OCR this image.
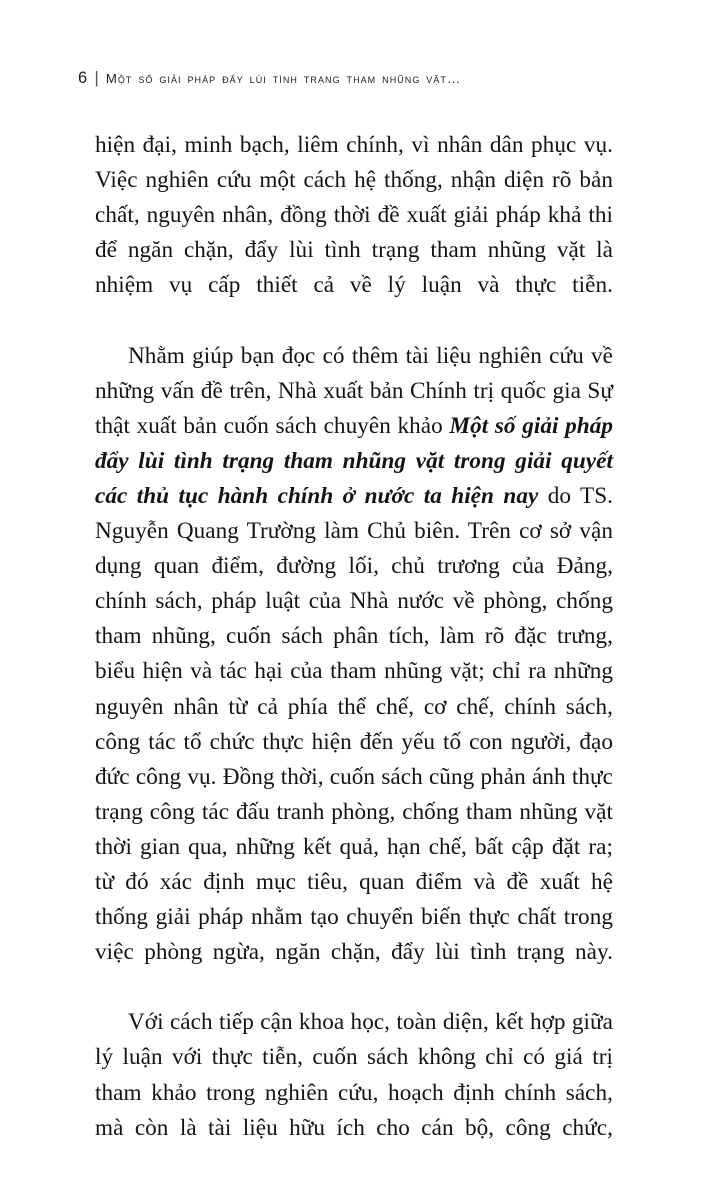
6 | Một số giải pháp đẩy lùi tình trạng tham nhũng vặt…

hiện đại, minh bạch, liêm chính, vì nhân dân phục vụ. Việc nghiên cứu một cách hệ thống, nhận diện rõ bản chất, nguyên nhân, đồng thời đề xuất giải pháp khả thi để ngăn chặn, đẩy lùi tình trạng tham nhũng vặt là nhiệm vụ cấp thiết cả về lý luận và thực tiễn.

Nhằm giúp bạn đọc có thêm tài liệu nghiên cứu về những vấn đề trên, Nhà xuất bản Chính trị quốc gia Sự thật xuất bản cuốn sách chuyên khảo Một số giải pháp đẩy lùi tình trạng tham nhũng vặt trong giải quyết các thủ tục hành chính ở nước ta hiện nay do TS. Nguyễn Quang Trường làm Chủ biên. Trên cơ sở vận dụng quan điểm, đường lối, chủ trương của Đảng, chính sách, pháp luật của Nhà nước về phòng, chống tham nhũng, cuốn sách phân tích, làm rõ đặc trưng, biểu hiện và tác hại của tham nhũng vặt; chỉ ra những nguyên nhân từ cả phía thể chế, cơ chế, chính sách, công tác tổ chức thực hiện đến yếu tố con người, đạo đức công vụ. Đồng thời, cuốn sách cũng phản ánh thực trạng công tác đấu tranh phòng, chống tham nhũng vặt thời gian qua, những kết quả, hạn chế, bất cập đặt ra; từ đó xác định mục tiêu, quan điểm và đề xuất hệ thống giải pháp nhằm tạo chuyển biến thực chất trong việc phòng ngừa, ngăn chặn, đẩy lùi tình trạng này.

Với cách tiếp cận khoa học, toàn diện, kết hợp giữa lý luận với thực tiễn, cuốn sách không chỉ có giá trị tham khảo trong nghiên cứu, hoạch định chính sách, mà còn là tài liệu hữu ích cho cán bộ, công chức,
